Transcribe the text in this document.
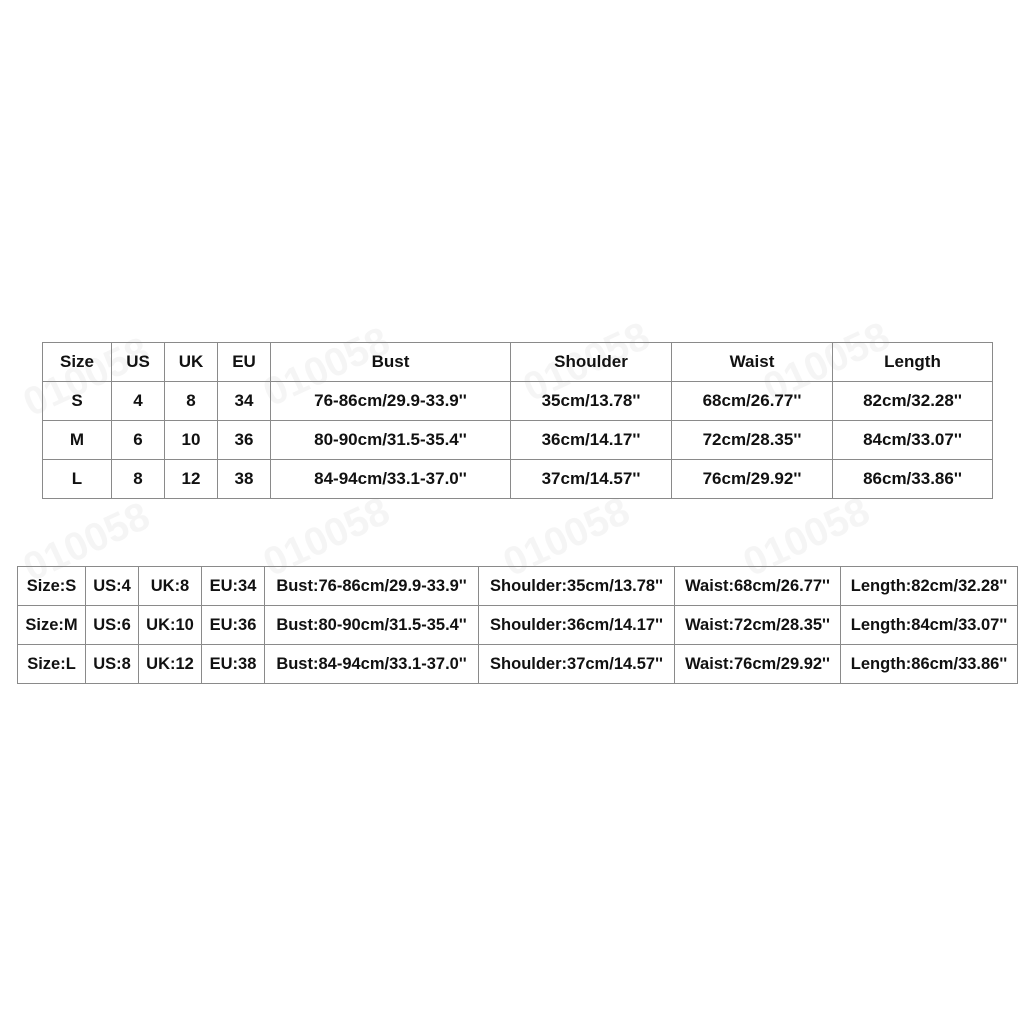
Size	US	UK	EU	Bust	Shoulder	Waist	Length
S	4	8	34	76-86cm/29.9-33.9''	35cm/13.78''	68cm/26.77''	82cm/32.28''
M	6	10	36	80-90cm/31.5-35.4''	36cm/14.17''	72cm/28.35''	84cm/33.07''
L	8	12	38	84-94cm/33.1-37.0''	37cm/14.57''	76cm/29.92''	86cm/33.86''
Size:S	US:4	UK:8	EU:34	Bust:76-86cm/29.9-33.9''	Shoulder:35cm/13.78''	Waist:68cm/26.77''	Length:82cm/32.28''
Size:M	US:6	UK:10	EU:36	Bust:80-90cm/31.5-35.4''	Shoulder:36cm/14.17''	Waist:72cm/28.35''	Length:84cm/33.07''
Size:L	US:8	UK:12	EU:38	Bust:84-94cm/33.1-37.0''	Shoulder:37cm/14.57''	Waist:76cm/29.92''	Length:86cm/33.86''
